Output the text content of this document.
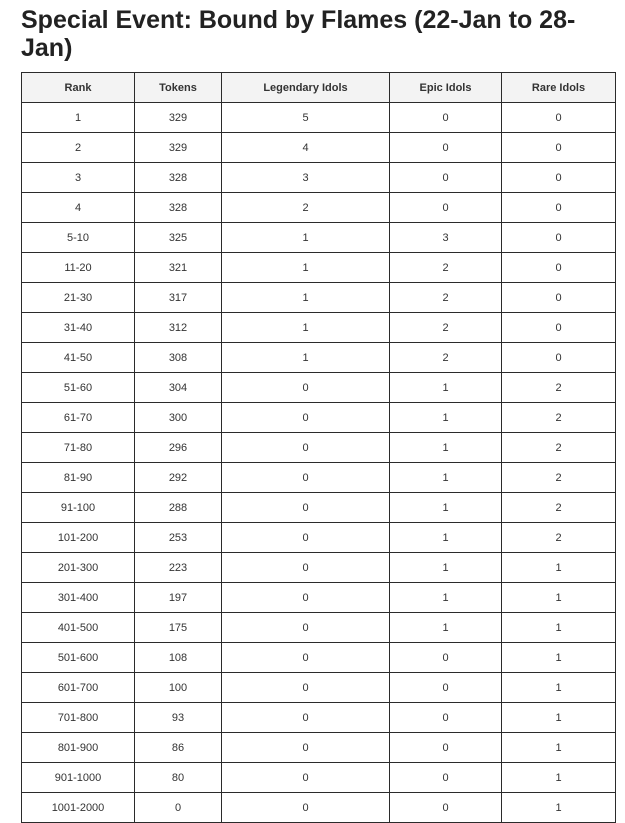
Special Event: Bound by Flames (22-Jan to 28-Jan)
Rank	Tokens	Legendary Idols	Epic Idols	Rare Idols
1	329	5	0	0
2	329	4	0	0
3	328	3	0	0
4	328	2	0	0
5-10	325	1	3	0
11-20	321	1	2	0
21-30	317	1	2	0
31-40	312	1	2	0
41-50	308	1	2	0
51-60	304	0	1	2
61-70	300	0	1	2
71-80	296	0	1	2
81-90	292	0	1	2
91-100	288	0	1	2
101-200	253	0	1	2
201-300	223	0	1	1
301-400	197	0	1	1
401-500	175	0	1	1
501-600	108	0	0	1
601-700	100	0	0	1
701-800	93	0	0	1
801-900	86	0	0	1
901-1000	80	0	0	1
1001-2000	0	0	0	1
